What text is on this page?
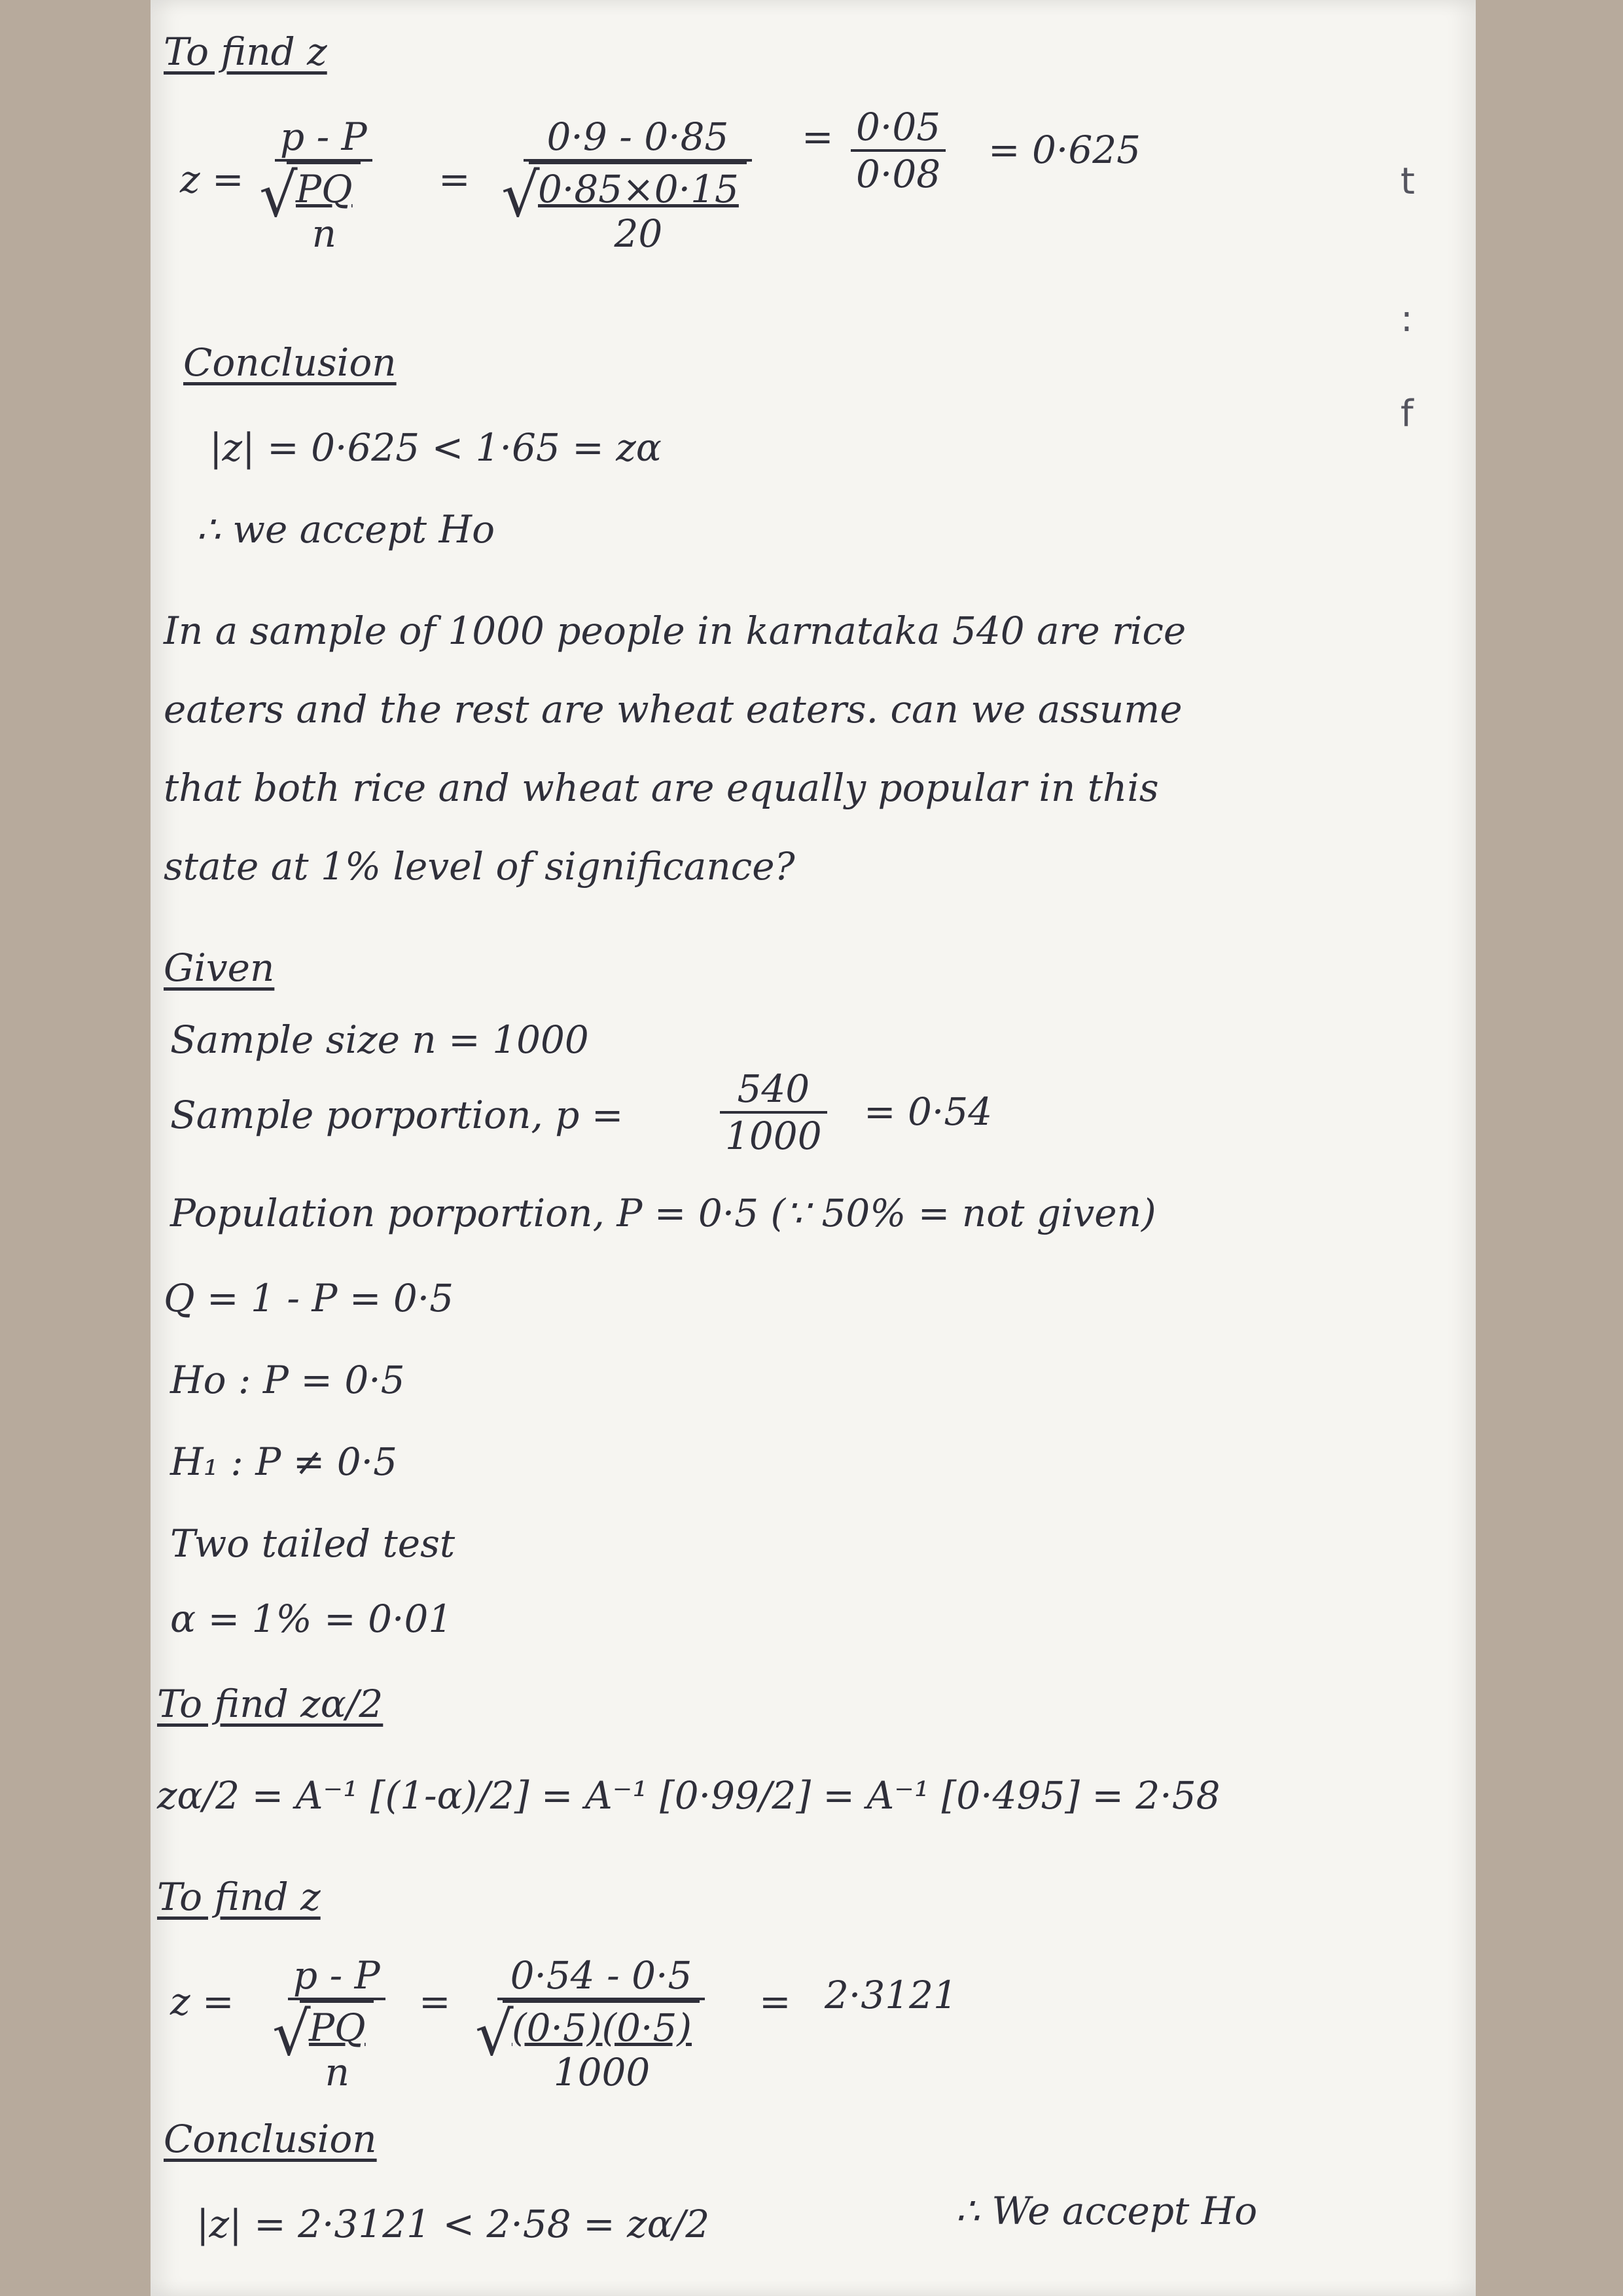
To find z
z =
p - P
√ $\frac{PQ}{n}$	=
0·9 - 0·85
√ $\frac{0\cdot 85\times 0\cdot 15}{20}$
= $\frac{0\cdot 05}{0\cdot 08} = 0\cdot 625$
Conclusion
|z| = 0·625 < 1·65 = zα
∴ we accept Ho
In a sample of 1000 people in karnataka 540 are rice
eaters and the rest are wheat eaters. can we assume
that both rice and wheat are equally popular in this
state at 1% level of significance?
Given
Sample size n = 1000
Sample porportion, p =	$\frac{540}{1000} = 0\cdot 54$
Population porportion, P = 0·5 (∵ 50% = not given)
Q = 1 - P = 0·5
Ho : P = 0·5
H₁ : P ≠ 0·5
Two tailed test
α = 1% = 0·01
To find zα/2
zα/2 = A⁻¹ [(1-α)/2] = A⁻¹ [0·99/2] = A⁻¹ [0·495] = 2·58
To find z
z =
p - P
√ $\frac{PQ}{n}$	=
0·54 - 0·5
√ $\frac{(0\cdot 5)(0\cdot 5)}{1000} = 2\cdot 3121$
Conclusion
|z| = 2·3121 < 2·58 = zα/2	∴ We accept Ho
t
:
f
